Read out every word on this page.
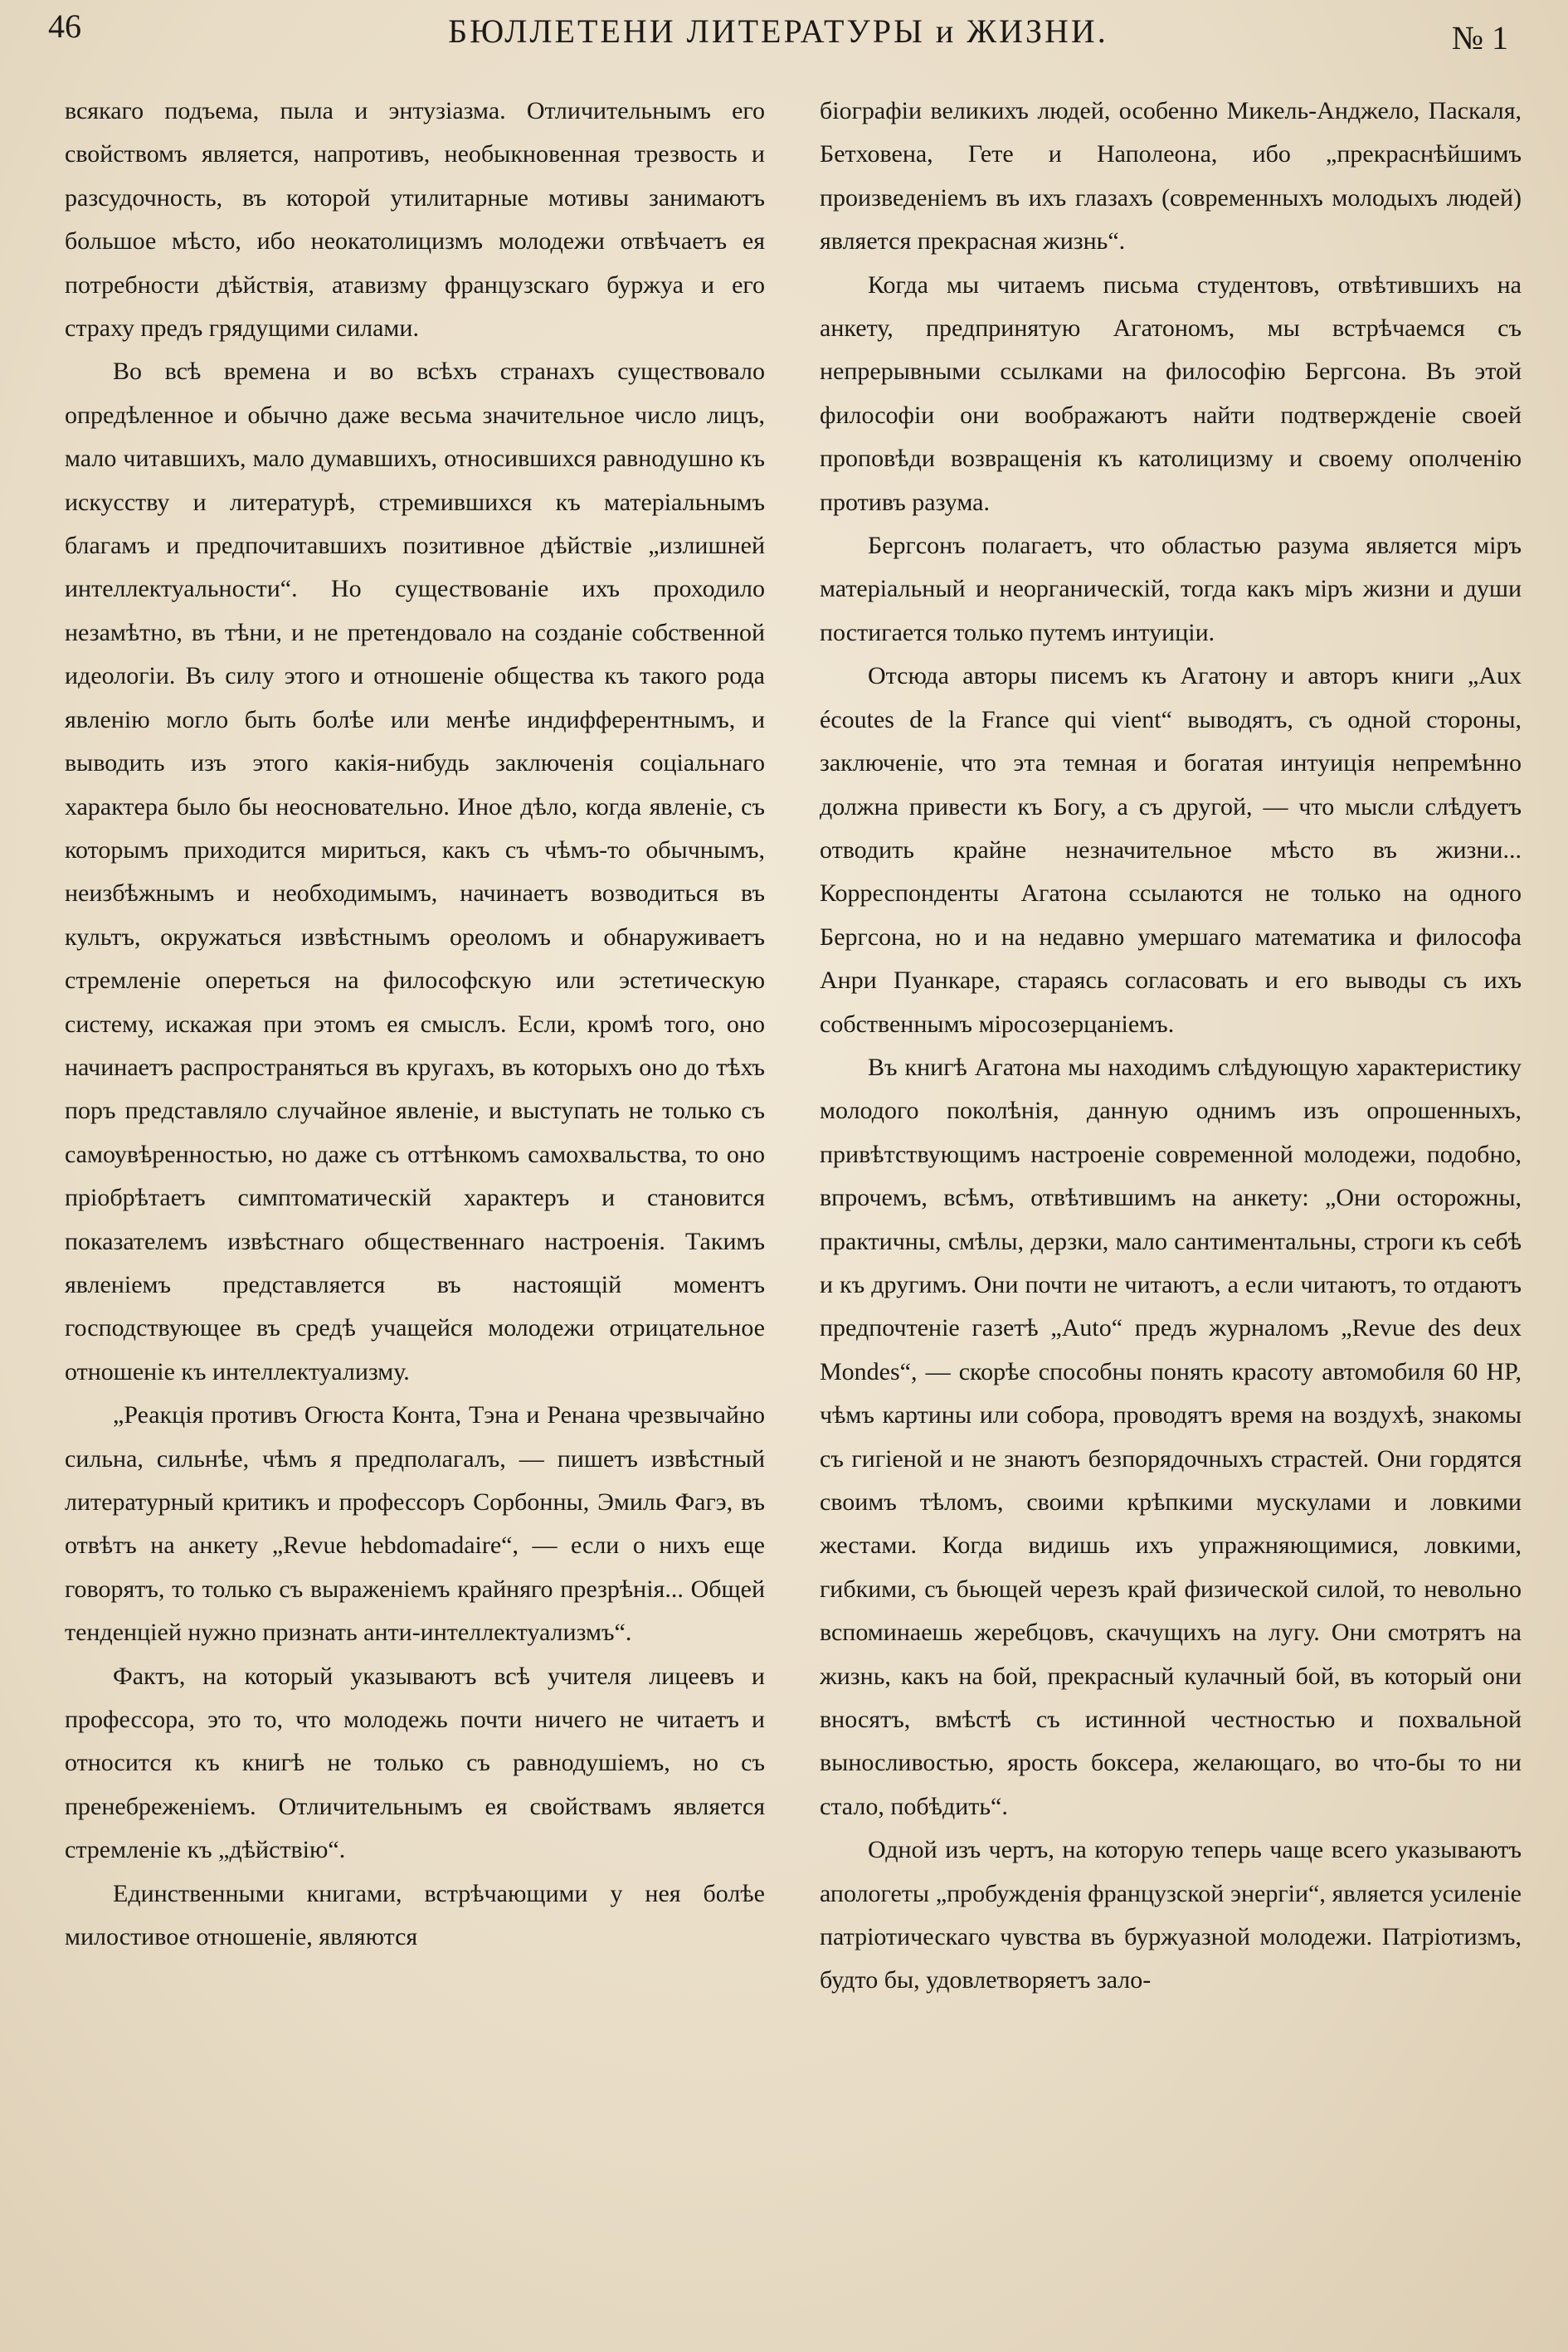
46	БЮЛЛЕТЕНИ ЛИТЕРАТУРЫ и ЖИЗНИ.	№ 1

всякаго подъема, пыла и энтузіазма. Отличительнымъ его свойствомъ является, напротивъ, необыкновенная трезвость и разсудочность, въ которой утилитарные мотивы занимаютъ большое мѣсто, ибо неокатолицизмъ молодежи отвѣчаетъ ея потребности дѣйствія, атавизму французскаго буржуа и его страху предъ грядущими силами.

Во всѣ времена и во всѣхъ странахъ существовало опредѣленное и обычно даже весьма значительное число лицъ, мало читавшихъ, мало думавшихъ, относившихся равнодушно къ искусству и литературѣ, стремившихся къ матеріальнымъ благамъ и предпочитавшихъ позитивное дѣйствіе „излишней интеллектуальности“. Но существованіе ихъ проходило незамѣтно, въ тѣни, и не претендовало на созданіе собственной идеологіи. Въ силу этого и отношеніе общества къ такого рода явленію могло быть болѣе или менѣе индифферентнымъ, и выводить изъ этого какія-нибудь заключенія соціальнаго характера было бы неосновательно. Иное дѣло, когда явленіе, съ которымъ приходится мириться, какъ съ чѣмъ-то обычнымъ, неизбѣжнымъ и необходимымъ, начинаетъ возводиться въ культъ, окружаться извѣстнымъ ореоломъ и обнаруживаетъ стремленіе опереться на философскую или эстетическую систему, искажая при этомъ ея смыслъ. Если, кромѣ того, оно начинаетъ распространяться въ кругахъ, въ которыхъ оно до тѣхъ поръ представляло случайное явленіе, и выступать не только съ самоувѣренностью, но даже съ оттѣнкомъ самохвальства, то оно пріобрѣтаетъ симптоматическій характеръ и становится показателемъ извѣстнаго общественнаго настроенія. Такимъ явленіемъ представляется въ настоящій моментъ господствующее въ средѣ учащейся молодежи отрицательное отношеніе къ интеллектуализму.

„Реакція противъ Огюста Конта, Тэна и Ренана чрезвычайно сильна, сильнѣе, чѣмъ я предполагалъ, — пишетъ извѣстный литературный критикъ и профессоръ Сорбонны, Эмиль Фагэ, въ отвѣтъ на анкету „Revue hebdomadaire“, — если о нихъ еще говорятъ, то только съ выраженіемъ крайняго презрѣнія... Общей тенденціей нужно признать анти-интеллектуализмъ“.

Фактъ, на который указываютъ всѣ учителя лицеевъ и профессора, это то, что молодежь почти ничего не читаетъ и относится къ книгѣ не только съ равнодушіемъ, но съ пренебреженіемъ. Отличительнымъ ея свойствамъ является стремленіе къ „дѣйствію“.

Единственными книгами, встрѣчающими у нея болѣе милостивое отношеніе, являются

біографіи великихъ людей, особенно Микель-Анджело, Паскаля, Бетховена, Гете и Наполеона, ибо „прекраснѣйшимъ произведеніемъ въ ихъ глазахъ (современныхъ молодыхъ людей) является прекрасная жизнь“.

Когда мы читаемъ письма студентовъ, отвѣтившихъ на анкету, предпринятую Агатономъ, мы встрѣчаемся съ непрерывными ссылками на философію Бергсона. Въ этой философіи они воображаютъ найти подтвержденіе своей проповѣди возвращенія къ католицизму и своему ополченію противъ разума.

Бергсонъ полагаетъ, что областью разума является міръ матеріальный и неорганическій, тогда какъ міръ жизни и души постигается только путемъ интуиціи.

Отсюда авторы писемъ къ Агатону и авторъ книги „Aux écoutes de la France qui vient“ выводятъ, съ одной стороны, заключеніе, что эта темная и богатая интуиція непремѣнно должна привести къ Богу, а съ другой, — что мысли слѣдуетъ отводить крайне незначительное мѣсто въ жизни... Корреспонденты Агатона ссылаются не только на одного Бергсона, но и на недавно умершаго математика и философа Анри Пуанкаре, стараясь согласовать и его выводы съ ихъ собственнымъ міросозерцаніемъ.

Въ книгѣ Агатона мы находимъ слѣдующую характеристику молодого поколѣнія, данную однимъ изъ опрошенныхъ, привѣтствующимъ настроеніе современной молодежи, подобно, впрочемъ, всѣмъ, отвѣтившимъ на анкету: „Они осторожны, практичны, смѣлы, дерзки, мало сантиментальны, строги къ себѣ и къ другимъ. Они почти не читаютъ, а если читаютъ, то отдаютъ предпочтеніе газетѣ „Auto“ предъ журналомъ „Revue des deux Mondes“, — скорѣе способны понять красоту автомобиля 60 HP, чѣмъ картины или собора, проводятъ время на воздухѣ, знакомы съ гигіеной и не знаютъ безпорядочныхъ страстей. Они гордятся своимъ тѣломъ, своими крѣпкими мускулами и ловкими жестами. Когда видишь ихъ упражняющимися, ловкими, гибкими, съ бьющей черезъ край физической силой, то невольно вспоминаешь жеребцовъ, скачущихъ на лугу. Они смотрятъ на жизнь, какъ на бой, прекрасный кулачный бой, въ который они вносятъ, вмѣстѣ съ истинной честностью и похвальной выносливостью, ярость боксера, желающаго, во что-бы то ни стало, побѣдить“.

Одной изъ чертъ, на которую теперь чаще всего указываютъ апологеты „пробужденія французской энергіи“, является усиленіе патріотическаго чувства въ буржуазной молодежи. Патріотизмъ, будто бы, удовлетворяетъ зало-
